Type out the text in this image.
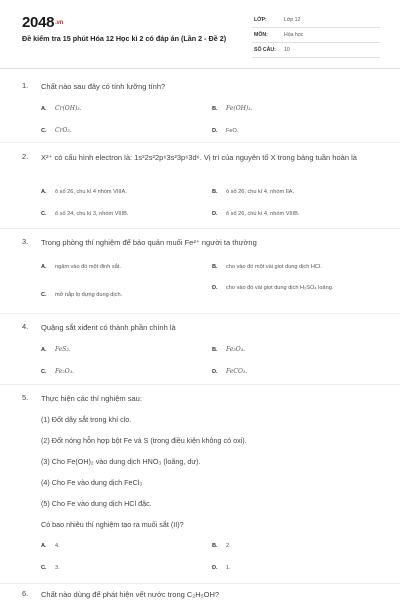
2048.vn
Đề kiểm tra 15 phút Hóa 12 Học kì 2 có đáp án (Lần 2 - Đề 2)
LỚP:	Lớp 12
MÔN:	Hóa học
SỐ CÂU: 10
1. Chất nào sau đây có tính lưỡng tính?
A. Cr(OH)₃.	B. Fe(OH)₃.
C. CrO₃.	D. FeO.
2. X²⁺ có cấu hình electron là: 1s²2s²2p⁶3s²3p⁶3d⁶. Vị trí của nguyên tố X trong bảng tuần hoàn là
A. ô số 26, chu kì 4 nhóm VIIIA.	B. ô số 26, chu kì 4, nhóm IIA.
C. ô số 24, chu kì 3, nhóm VIIIB.	D. ô số 26, chu kì 4, nhóm VIIIB.
3. Trong phòng thí nghiệm để bảo quản muối Fe²⁺ người ta thường
A. ngâm vào đó một đinh sắt.	B. cho vào đó một vài giọt dung dịch HCl.
C. mở nắp lọ đựng dung dịch.
D. cho vào đó vài giọt dung dịch H₂SO₄ loãng.
4. Quặng sắt xiđerit có thành phần chính là
A. FeS₂.	B. Fe₃O₄.
C. Fe₂O₃.	D. FeCO₃.
5. Thực hiện các thí nghiệm sau:
(1) Đốt dây sắt trong khí clo.
(2) Đốt nóng hỗn hợp bột Fe và S (trong điều kiện không có oxi).
(3) Cho Fe(OH)₂ vào dung dịch HNO₃ (loãng, dư).
(4) Cho Fe vào dung dịch FeCl₃
(5) Cho Fe vào dung dịch HCl đặc.
Có bao nhiêu thí nghiệm tạo ra muối sắt (II)?
A. 4.	B. 2.
C. 3.	D. 1.
6. Chất nào dùng để phát hiện vết nước trong C₂H₅OH?
